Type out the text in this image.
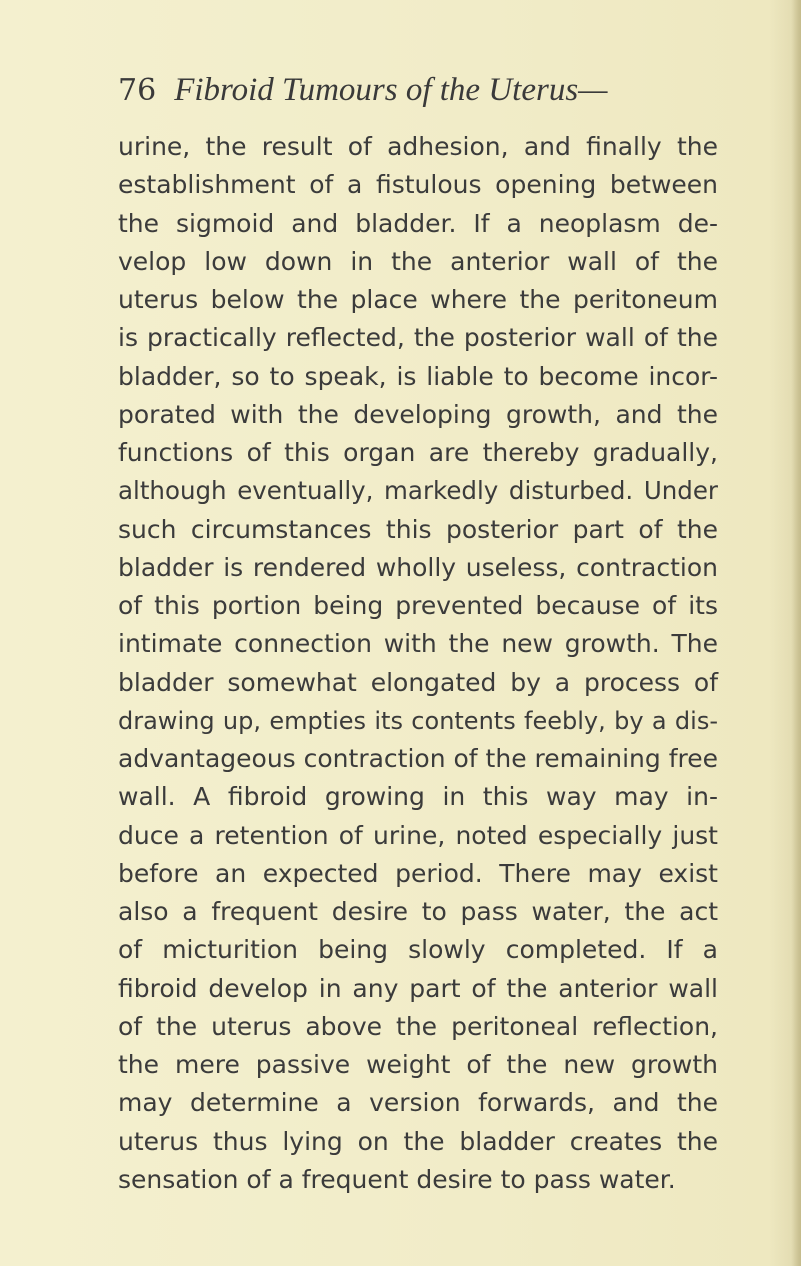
76 Fibroid Tumours of the Uterus—
urine, the result of adhesion, and finally the
establishment of a fistulous opening between
the sigmoid and bladder. If a neoplasm de-
velop low down in the anterior wall of the
uterus below the place where the peritoneum
is practically reflected, the posterior wall of the
bladder, so to speak, is liable to become incor-
porated with the developing growth, and the
functions of this organ are thereby gradually,
although eventually, markedly disturbed. Under
such circumstances this posterior part of the
bladder is rendered wholly useless, contraction
of this portion being prevented because of its
intimate connection with the new growth. The
bladder somewhat elongated by a process of
drawing up, empties its contents feebly, by a dis-
advantageous contraction of the remaining free
wall. A fibroid growing in this way may in-
duce a retention of urine, noted especially just
before an expected period. There may exist
also a frequent desire to pass water, the act
of micturition being slowly completed. If a
fibroid develop in any part of the anterior wall
of the uterus above the peritoneal reflection,
the mere passive weight of the new growth
may determine a version forwards, and the
uterus thus lying on the bladder creates the
sensation of a frequent desire to pass water.
